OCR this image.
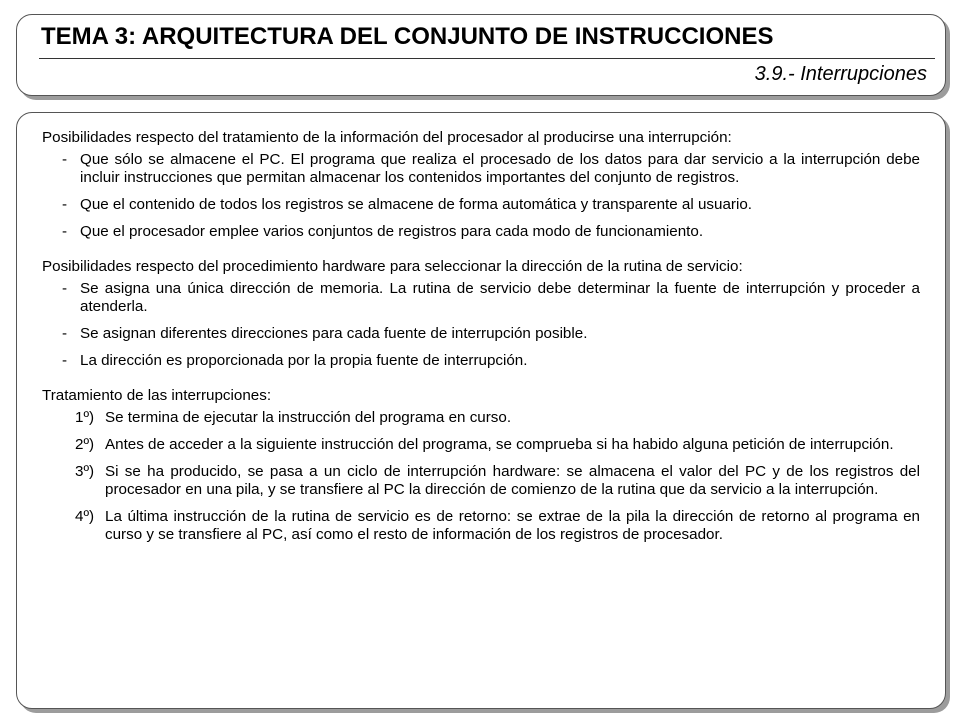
TEMA 3: ARQUITECTURA DEL CONJUNTO DE INSTRUCCIONES
3.9.- Interrupciones

Posibilidades respecto del tratamiento de la información del procesador al producirse una interrupción:

- Que sólo se almacene el PC. El programa que realiza el procesado de los datos para dar servicio a la interrupción debe incluir instrucciones que permitan almacenar los contenidos importantes del conjunto de registros.
- Que el contenido de todos los registros se almacene de forma automática y transparente al usuario.
- Que el procesador emplee varios conjuntos de registros para cada modo de funcionamiento.

Posibilidades respecto del procedimiento hardware para seleccionar la dirección de la rutina de servicio:

- Se asigna una única dirección de memoria. La rutina de servicio debe determinar la fuente de interrupción y proceder a atenderla.
- Se asignan diferentes direcciones para cada fuente de interrupción posible.
- La dirección es proporcionada por la propia fuente de interrupción.

Tratamiento de las interrupciones:

1º) Se termina de ejecutar la instrucción del programa en curso.
2º) Antes de acceder a la siguiente instrucción del programa, se comprueba si ha habido alguna petición de interrupción.
3º) Si se ha producido, se pasa a un ciclo de interrupción hardware: se almacena el valor del PC y de los registros del procesador en una pila, y se transfiere al PC la dirección de comienzo de la rutina que da servicio a la interrupción.
4º) La última instrucción de la rutina de servicio es de retorno: se extrae de la pila la dirección de retorno al programa en curso y se transfiere al PC, así como el resto de información de los registros de procesador.
